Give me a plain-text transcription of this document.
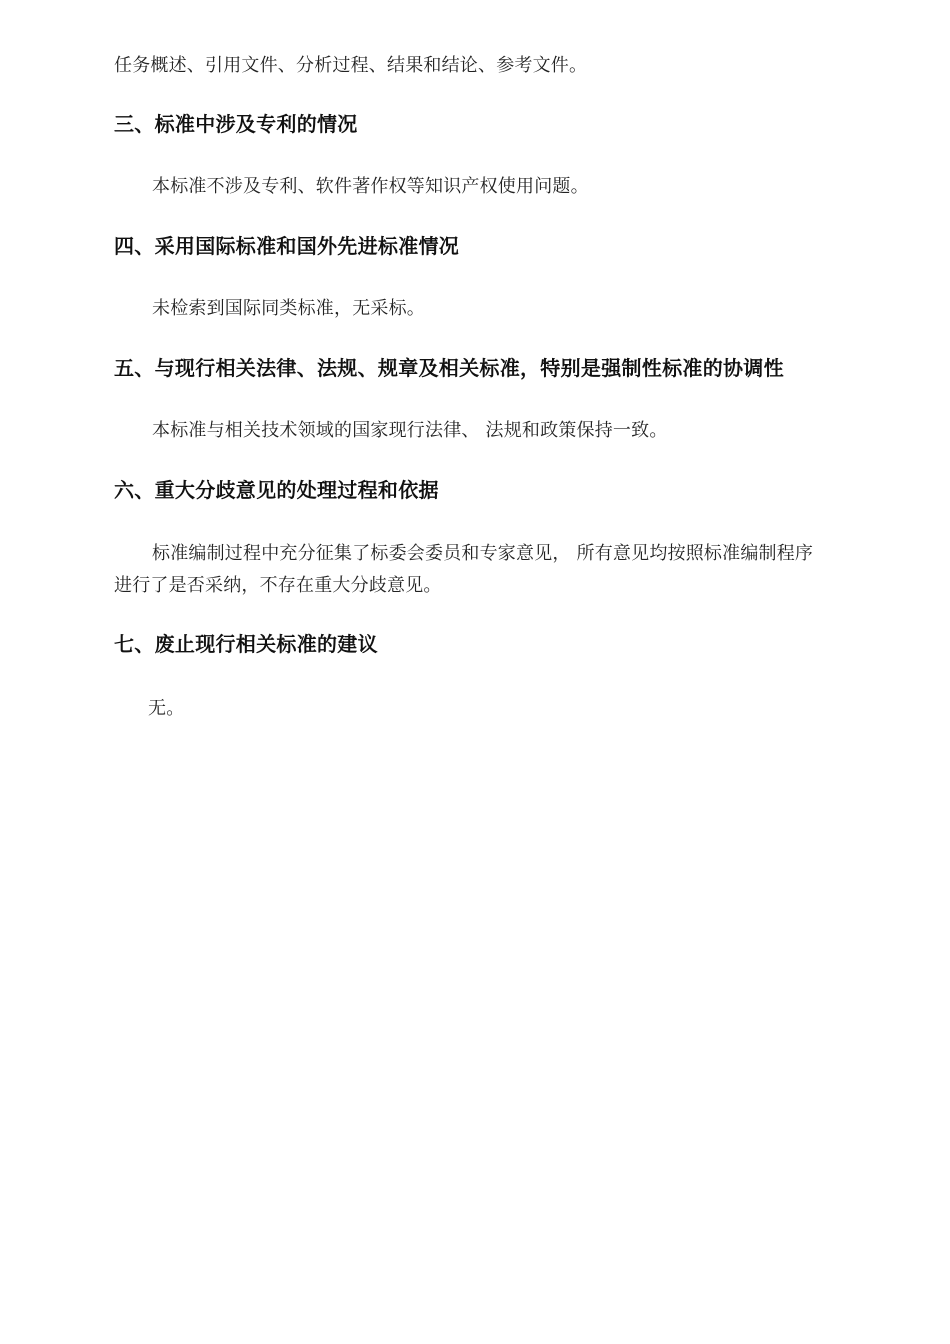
任务概述、引用文件、分析过程、结果和结论、参考文件。

三、标准中涉及专利的情况

本标准不涉及专利、软件著作权等知识产权使用问题。

四、采用国际标准和国外先进标准情况

未检索到国际同类标准，无采标。

五、与现行相关法律、法规、规章及相关标准，特别是强制性标准的协调性

本标准与相关技术领域的国家现行法律、 法规和政策保持一致。

六、重大分歧意见的处理过程和依据

标准编制过程中充分征集了标委会委员和专家意见， 所有意见均按照标准编制程序

进行了是否采纳，不存在重大分歧意见。

七、废止现行相关标准的建议

无。
